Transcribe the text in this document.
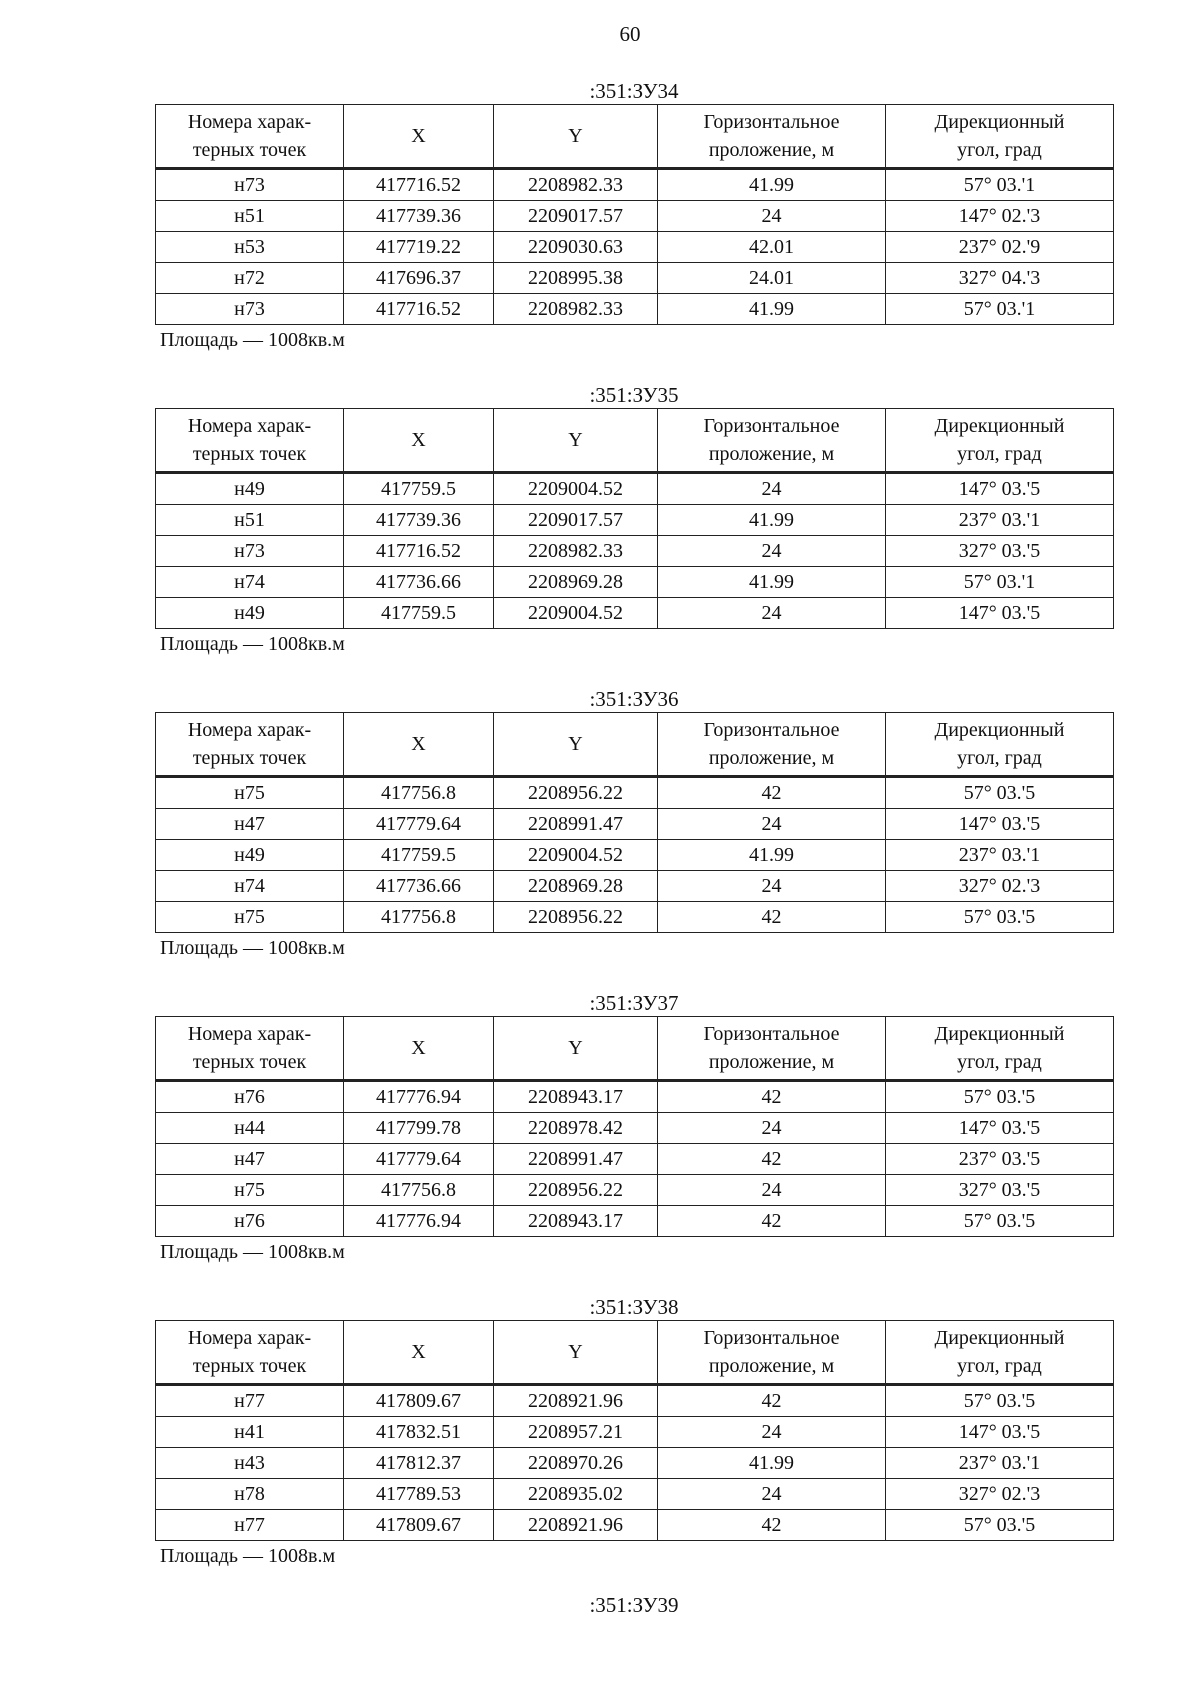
60
:351:ЗУ34
Номера харак-
терных точек	X	Y	Горизонтальное
проложение, м	Дирекционный
угол, град
н73	417716.52	2208982.33	41.99	57° 03.'1
н51	417739.36	2209017.57	24	147° 02.'3
н53	417719.22	2209030.63	42.01	237° 02.'9
н72	417696.37	2208995.38	24.01	327° 04.'3
н73	417716.52	2208982.33	41.99	57° 03.'1
Площадь — 1008кв.м
:351:ЗУ35
Номера харак-
терных точек	X	Y	Горизонтальное
проложение, м	Дирекционный
угол, град
н49	417759.5	2209004.52	24	147° 03.'5
н51	417739.36	2209017.57	41.99	237° 03.'1
н73	417716.52	2208982.33	24	327° 03.'5
н74	417736.66	2208969.28	41.99	57° 03.'1
н49	417759.5	2209004.52	24	147° 03.'5
Площадь — 1008кв.м
:351:ЗУ36
Номера харак-
терных точек	X	Y	Горизонтальное
проложение, м	Дирекционный
угол, град
н75	417756.8	2208956.22	42	57° 03.'5
н47	417779.64	2208991.47	24	147° 03.'5
н49	417759.5	2209004.52	41.99	237° 03.'1
н74	417736.66	2208969.28	24	327° 02.'3
н75	417756.8	2208956.22	42	57° 03.'5
Площадь — 1008кв.м
:351:ЗУ37
Номера харак-
терных точек	X	Y	Горизонтальное
проложение, м	Дирекционный
угол, град
н76	417776.94	2208943.17	42	57° 03.'5
н44	417799.78	2208978.42	24	147° 03.'5
н47	417779.64	2208991.47	42	237° 03.'5
н75	417756.8	2208956.22	24	327° 03.'5
н76	417776.94	2208943.17	42	57° 03.'5
Площадь — 1008кв.м
:351:ЗУ38
Номера харак-
терных точек	X	Y	Горизонтальное
проложение, м	Дирекционный
угол, град
н77	417809.67	2208921.96	42	57° 03.'5
н41	417832.51	2208957.21	24	147° 03.'5
н43	417812.37	2208970.26	41.99	237° 03.'1
н78	417789.53	2208935.02	24	327° 02.'3
н77	417809.67	2208921.96	42	57° 03.'5
Площадь — 1008в.м
:351:ЗУ39
